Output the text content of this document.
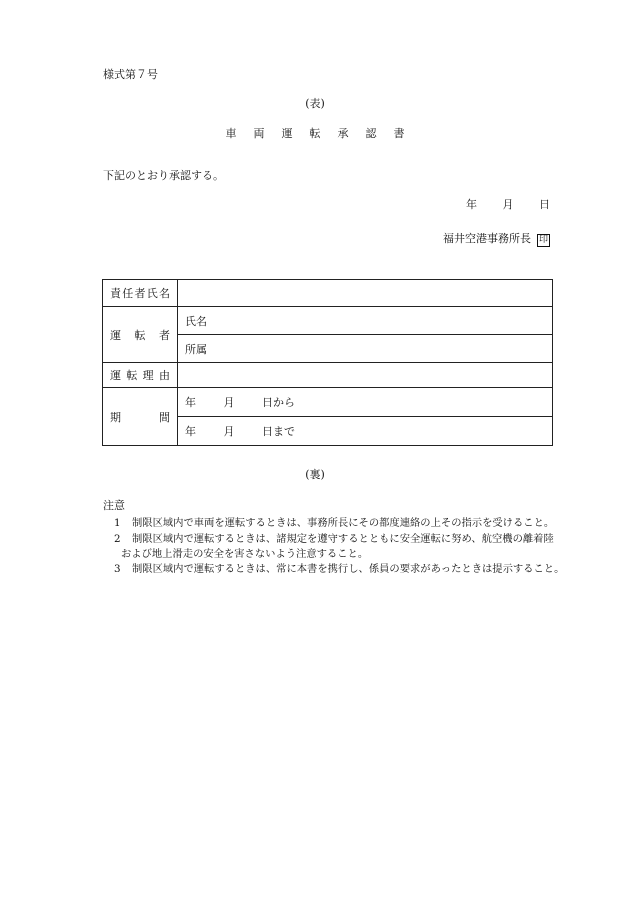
様式第７号
(表)
車両運転承認書
下記のとおり承認する。
年 月 日
福井空港事務所長 印
責任者氏名	
運転者	氏名
	所属
運転理由	
期間	年 月 日から
	年 月 日まで
(裏)
注意
1 制限区域内で車両を運転するときは、事務所長にその都度連絡の上その指示を受けること。
2 制限区域内で運転するときは、諸規定を遵守するとともに安全運転に努め、航空機の離着陸
および地上滑走の安全を害さないよう注意すること。
3 制限区域内で運転するときは、常に本書を携行し、係員の要求があったときは提示すること。
